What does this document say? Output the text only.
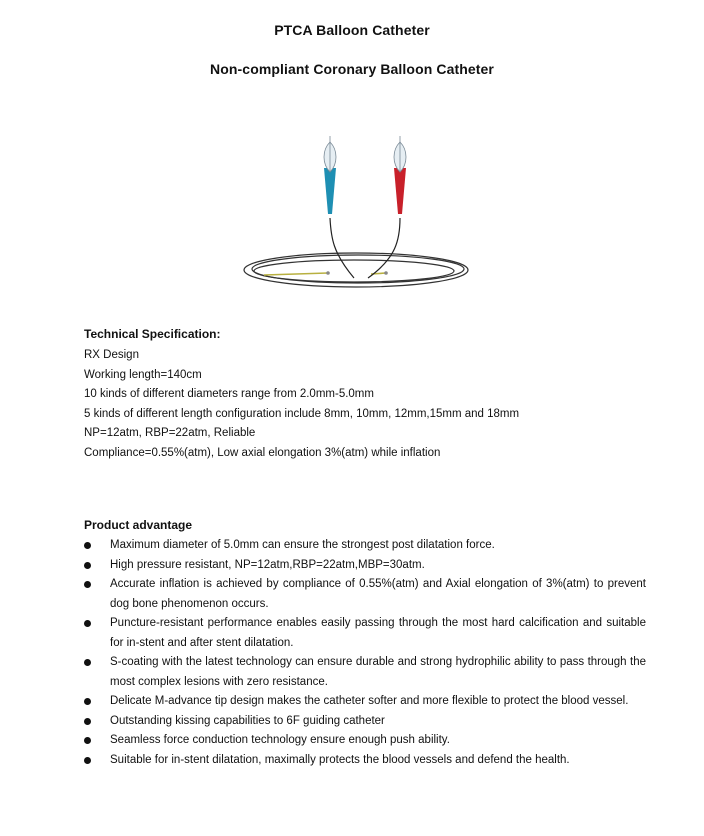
PTCA Balloon Catheter
Non-compliant Coronary Balloon Catheter
Technical Specification:
RX Design
Working length=140cm
10 kinds of different diameters range from 2.0mm-5.0mm
5 kinds of different length configuration include 8mm, 10mm, 12mm,15mm and 18mm
NP=12atm, RBP=22atm, Reliable
Compliance=0.55%(atm), Low axial elongation 3%(atm) while inflation
Product advantage
Maximum diameter of 5.0mm can ensure the strongest post dilatation force.
High pressure resistant, NP=12atm,RBP=22atm,MBP=30atm.
Accurate inflation is achieved by compliance of 0.55%(atm) and Axial elongation of 3%(atm) to prevent dog bone phenomenon occurs.
Puncture-resistant performance enables easily passing through the most hard calcification and suitable for in-stent and after stent dilatation.
S-coating with the latest technology can ensure durable and strong hydrophilic ability to pass through the most complex lesions with zero resistance.
Delicate M-advance tip design makes the catheter softer and more flexible to protect the blood vessel.
Outstanding kissing capabilities to 6F guiding catheter
Seamless force conduction technology ensure enough push ability.
Suitable for in-stent dilatation, maximally protects the blood vessels and defend the health.
